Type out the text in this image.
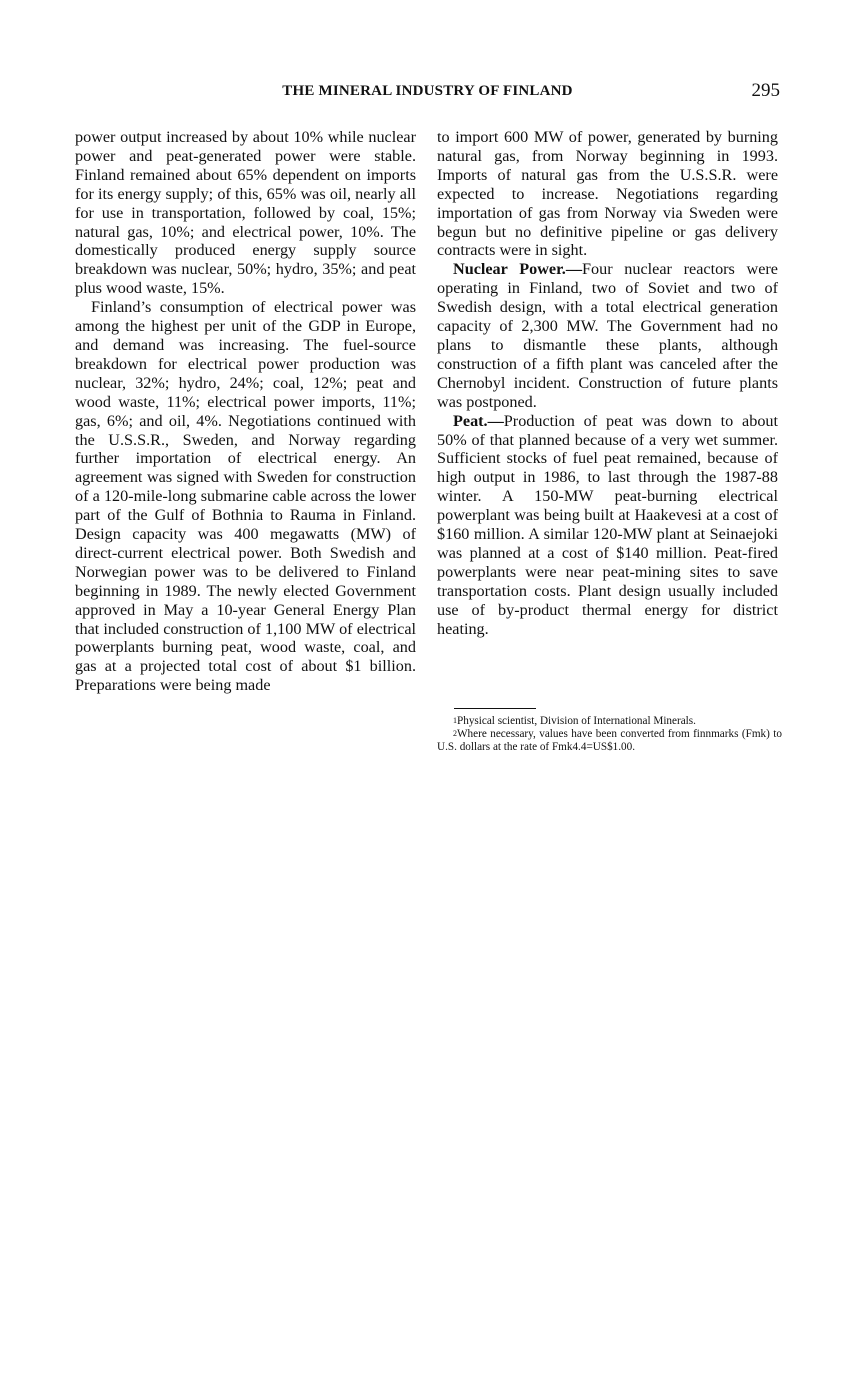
THE MINERAL INDUSTRY OF FINLAND	295

power output increased by about 10% while nuclear power and peat-generated power were stable. Finland remained about 65% dependent on imports for its energy supply; of this, 65% was oil, nearly all for use in transportation, followed by coal, 15%; natural gas, 10%; and electrical power, 10%. The domestically produced energy supply source breakdown was nuclear, 50%; hydro, 35%; and peat plus wood waste, 15%.

Finland’s consumption of electrical power was among the highest per unit of the GDP in Europe, and demand was increasing. The fuel-source breakdown for electrical power production was nuclear, 32%; hydro, 24%; coal, 12%; peat and wood waste, 11%; electrical power imports, 11%; gas, 6%; and oil, 4%. Negotiations continued with the U.S.S.R., Sweden, and Norway regarding further importation of electrical energy. An agreement was signed with Sweden for construction of a 120-mile-long submarine cable across the lower part of the Gulf of Bothnia to Rauma in Finland. Design capacity was 400 megawatts (MW) of direct-current electrical power. Both Swedish and Norwegian power was to be delivered to Finland beginning in 1989. The newly elected Government approved in May a 10-year General Energy Plan that included construction of 1,100 MW of electrical powerplants burning peat, wood waste, coal, and gas at a projected total cost of about $1 billion. Preparations were being made

to import 600 MW of power, generated by burning natural gas, from Norway beginning in 1993. Imports of natural gas from the U.S.S.R. were expected to increase. Negotiations regarding importation of gas from Norway via Sweden were begun but no definitive pipeline or gas delivery contracts were in sight.

Nuclear Power.—Four nuclear reactors were operating in Finland, two of Soviet and two of Swedish design, with a total electrical generation capacity of 2,300 MW. The Government had no plans to dismantle these plants, although construction of a fifth plant was canceled after the Chernobyl incident. Construction of future plants was postponed.

Peat.—Production of peat was down to about 50% of that planned because of a very wet summer. Sufficient stocks of fuel peat remained, because of high output in 1986, to last through the 1987-88 winter. A 150-MW peat-burning electrical powerplant was being built at Haakevesi at a cost of $160 million. A similar 120-MW plant at Seinaejoki was planned at a cost of $140 million. Peat-fired powerplants were near peat-mining sites to save transportation costs. Plant design usually included use of by-product thermal energy for district heating.

$^1$Physical scientist, Division of International Minerals.

$^2$Where necessary, values have been converted from finnmarks (Fmk) to U.S. dollars at the rate of Fmk4.4=US$1.00.
